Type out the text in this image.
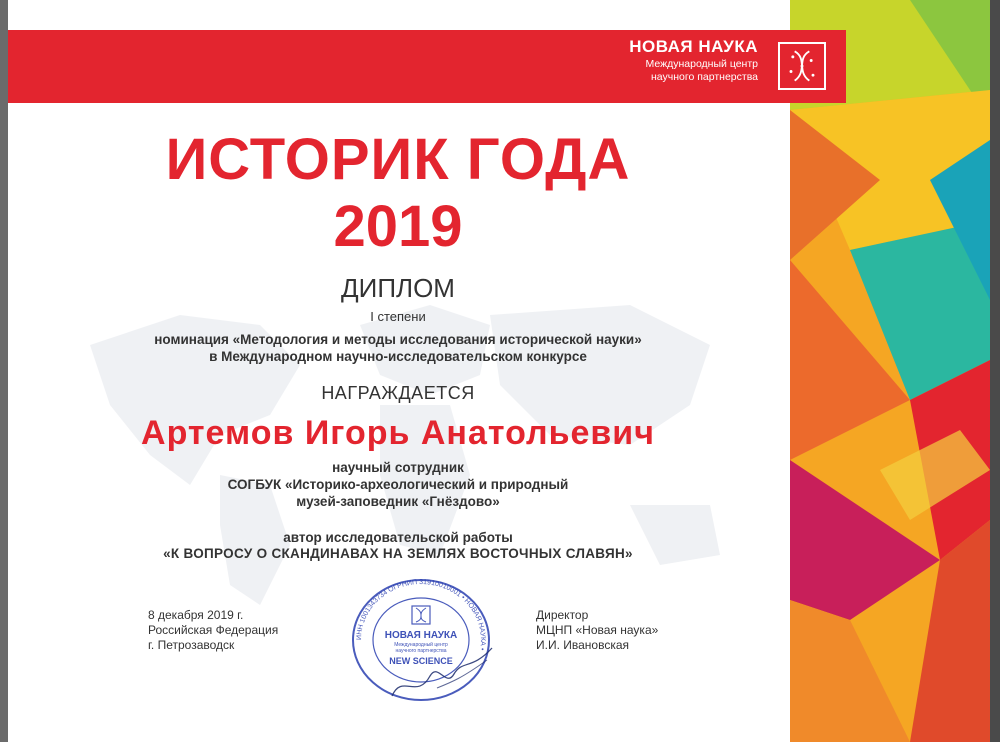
НОВАЯ НАУКА
Международный центр
научного партнерства
ИСТОРИК ГОДА
2019
ДИПЛОМ
I степени
номинация «Методология и методы исследования исторической науки»
в Международном научно-исследовательском конкурсе
НАГРАЖДАЕТСЯ
Артемов Игорь Анатольевич
научный сотрудник
СОГБУК «Историко-археологический и природный
музей-заповедник «Гнёздово»
автор исследовательской работы
«К ВОПРОСУ О СКАНДИНАВАХ НА ЗЕМЛЯХ ВОСТОЧНЫХ СЛАВЯН»
8 декабря 2019 г.
Российская Федерация
г. Петрозаводск
Директор
МЦНП «Новая наука»
И.И. Ивановская
ИНН 1001343734 ОГРНИП 31910010001 • НОВАЯ НАУКА •
НОВАЯ НАУКА
Международный центр
научного партнерства
NEW SCIENCE
